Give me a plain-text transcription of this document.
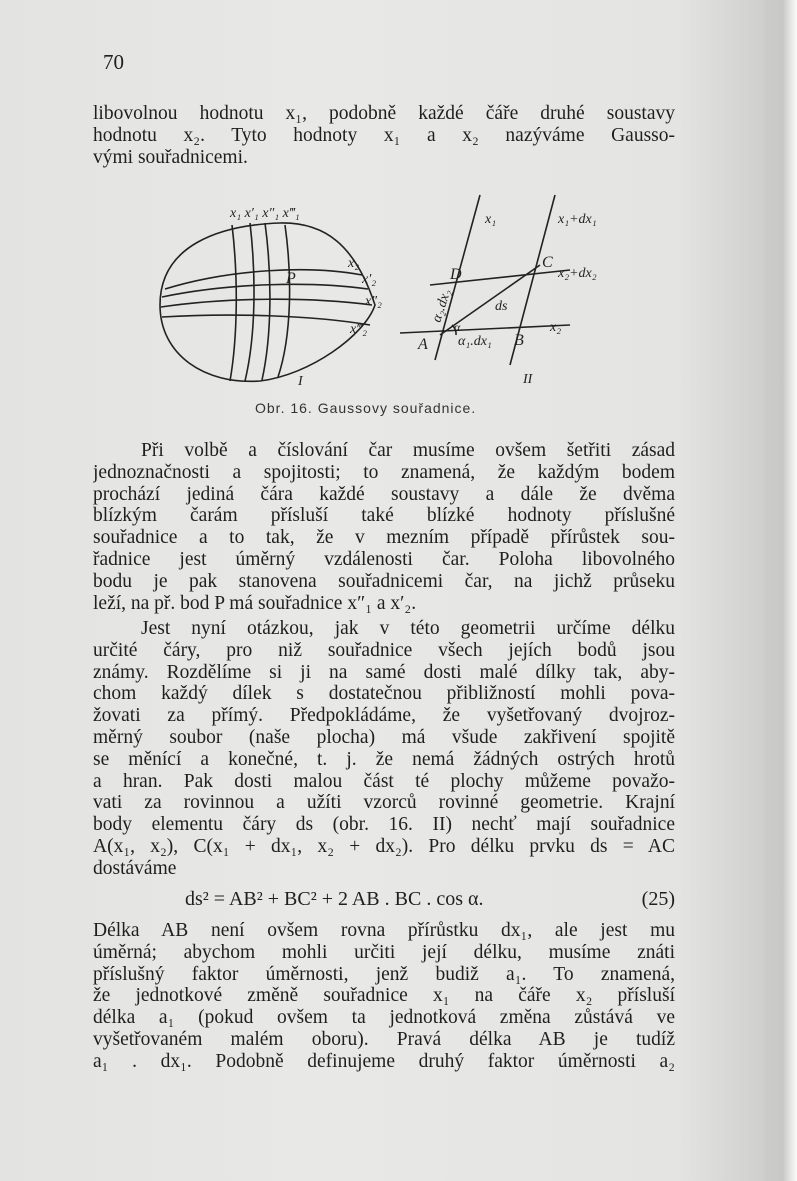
70
libovolnou hodnotu x₁, podobně každé čáře druhé soustavy
hodnotu x₂. Tyto hodnoty x₁ a x₂ nazýváme Gausso-
vými souřadnicemi.
x₁ x′₁ x″₁ x‴₁
x₂
x′₂
x″₂
x‴₂
P
I
x₁	x₁+dx₁
x₂+dx₂
x₂
A	B
C
D
ds
α₂.dx₂
α₁.dx₁
α
II
Obr. 16. Gaussovy souřadnice.
Při volbě a číslování čar musíme ovšem šetřiti zásad
jednoznačnosti a spojitosti; to znamená, že každým bodem
prochází jediná čára každé soustavy a dále že dvěma
blízkým čarám přísluší také blízké hodnoty příslušné
souřadnice a to tak, že v mezním případě přírůstek sou-
řadnice jest úměrný vzdálenosti čar. Poloha libovolného
bodu je pak stanovena souřadnicemi čar, na jichž průseku
leží, na př. bod P má souřadnice x″₁ a x′₂.
Jest nyní otázkou, jak v této geometrii určíme délku
určité čáry, pro niž souřadnice všech jejích bodů jsou
známy. Rozdělíme si ji na samé dosti malé dílky tak, aby-
chom každý dílek s dostatečnou přibližností mohli pova-
žovati za přímý. Předpokládáme, že vyšetřovaný dvojroz-
měrný soubor (naše plocha) má všude zakřivení spojitě
se měnící a konečné, t. j. že nemá žádných ostrých hrotů
a hran. Pak dosti malou část té plochy můžeme považo-
vati za rovinnou a užíti vzorců rovinné geometrie. Krajní
body elementu čáry ds (obr. 16. II) nechť mají souřadnice
A(x₁, x₂), C(x₁ + dx₁, x₂ + dx₂). Pro délku prvku ds = AC
dostáváme
ds² = AB² + BC² + 2 AB . BC . cos α.	(25)
Délka AB není ovšem rovna přírůstku dx₁, ale jest mu
úměrná; abychom mohli určiti její délku, musíme znáti
příslušný faktor úměrnosti, jenž budiž a₁. To znamená,
že jednotkové změně souřadnice x₁ na čáře x₂ přísluší
délka a₁ (pokud ovšem ta jednotková změna zůstává ve
vyšetřovaném malém oboru). Pravá délka AB je tudíž
a₁ . dx₁. Podobně definujeme druhý faktor úměrnosti a₂
